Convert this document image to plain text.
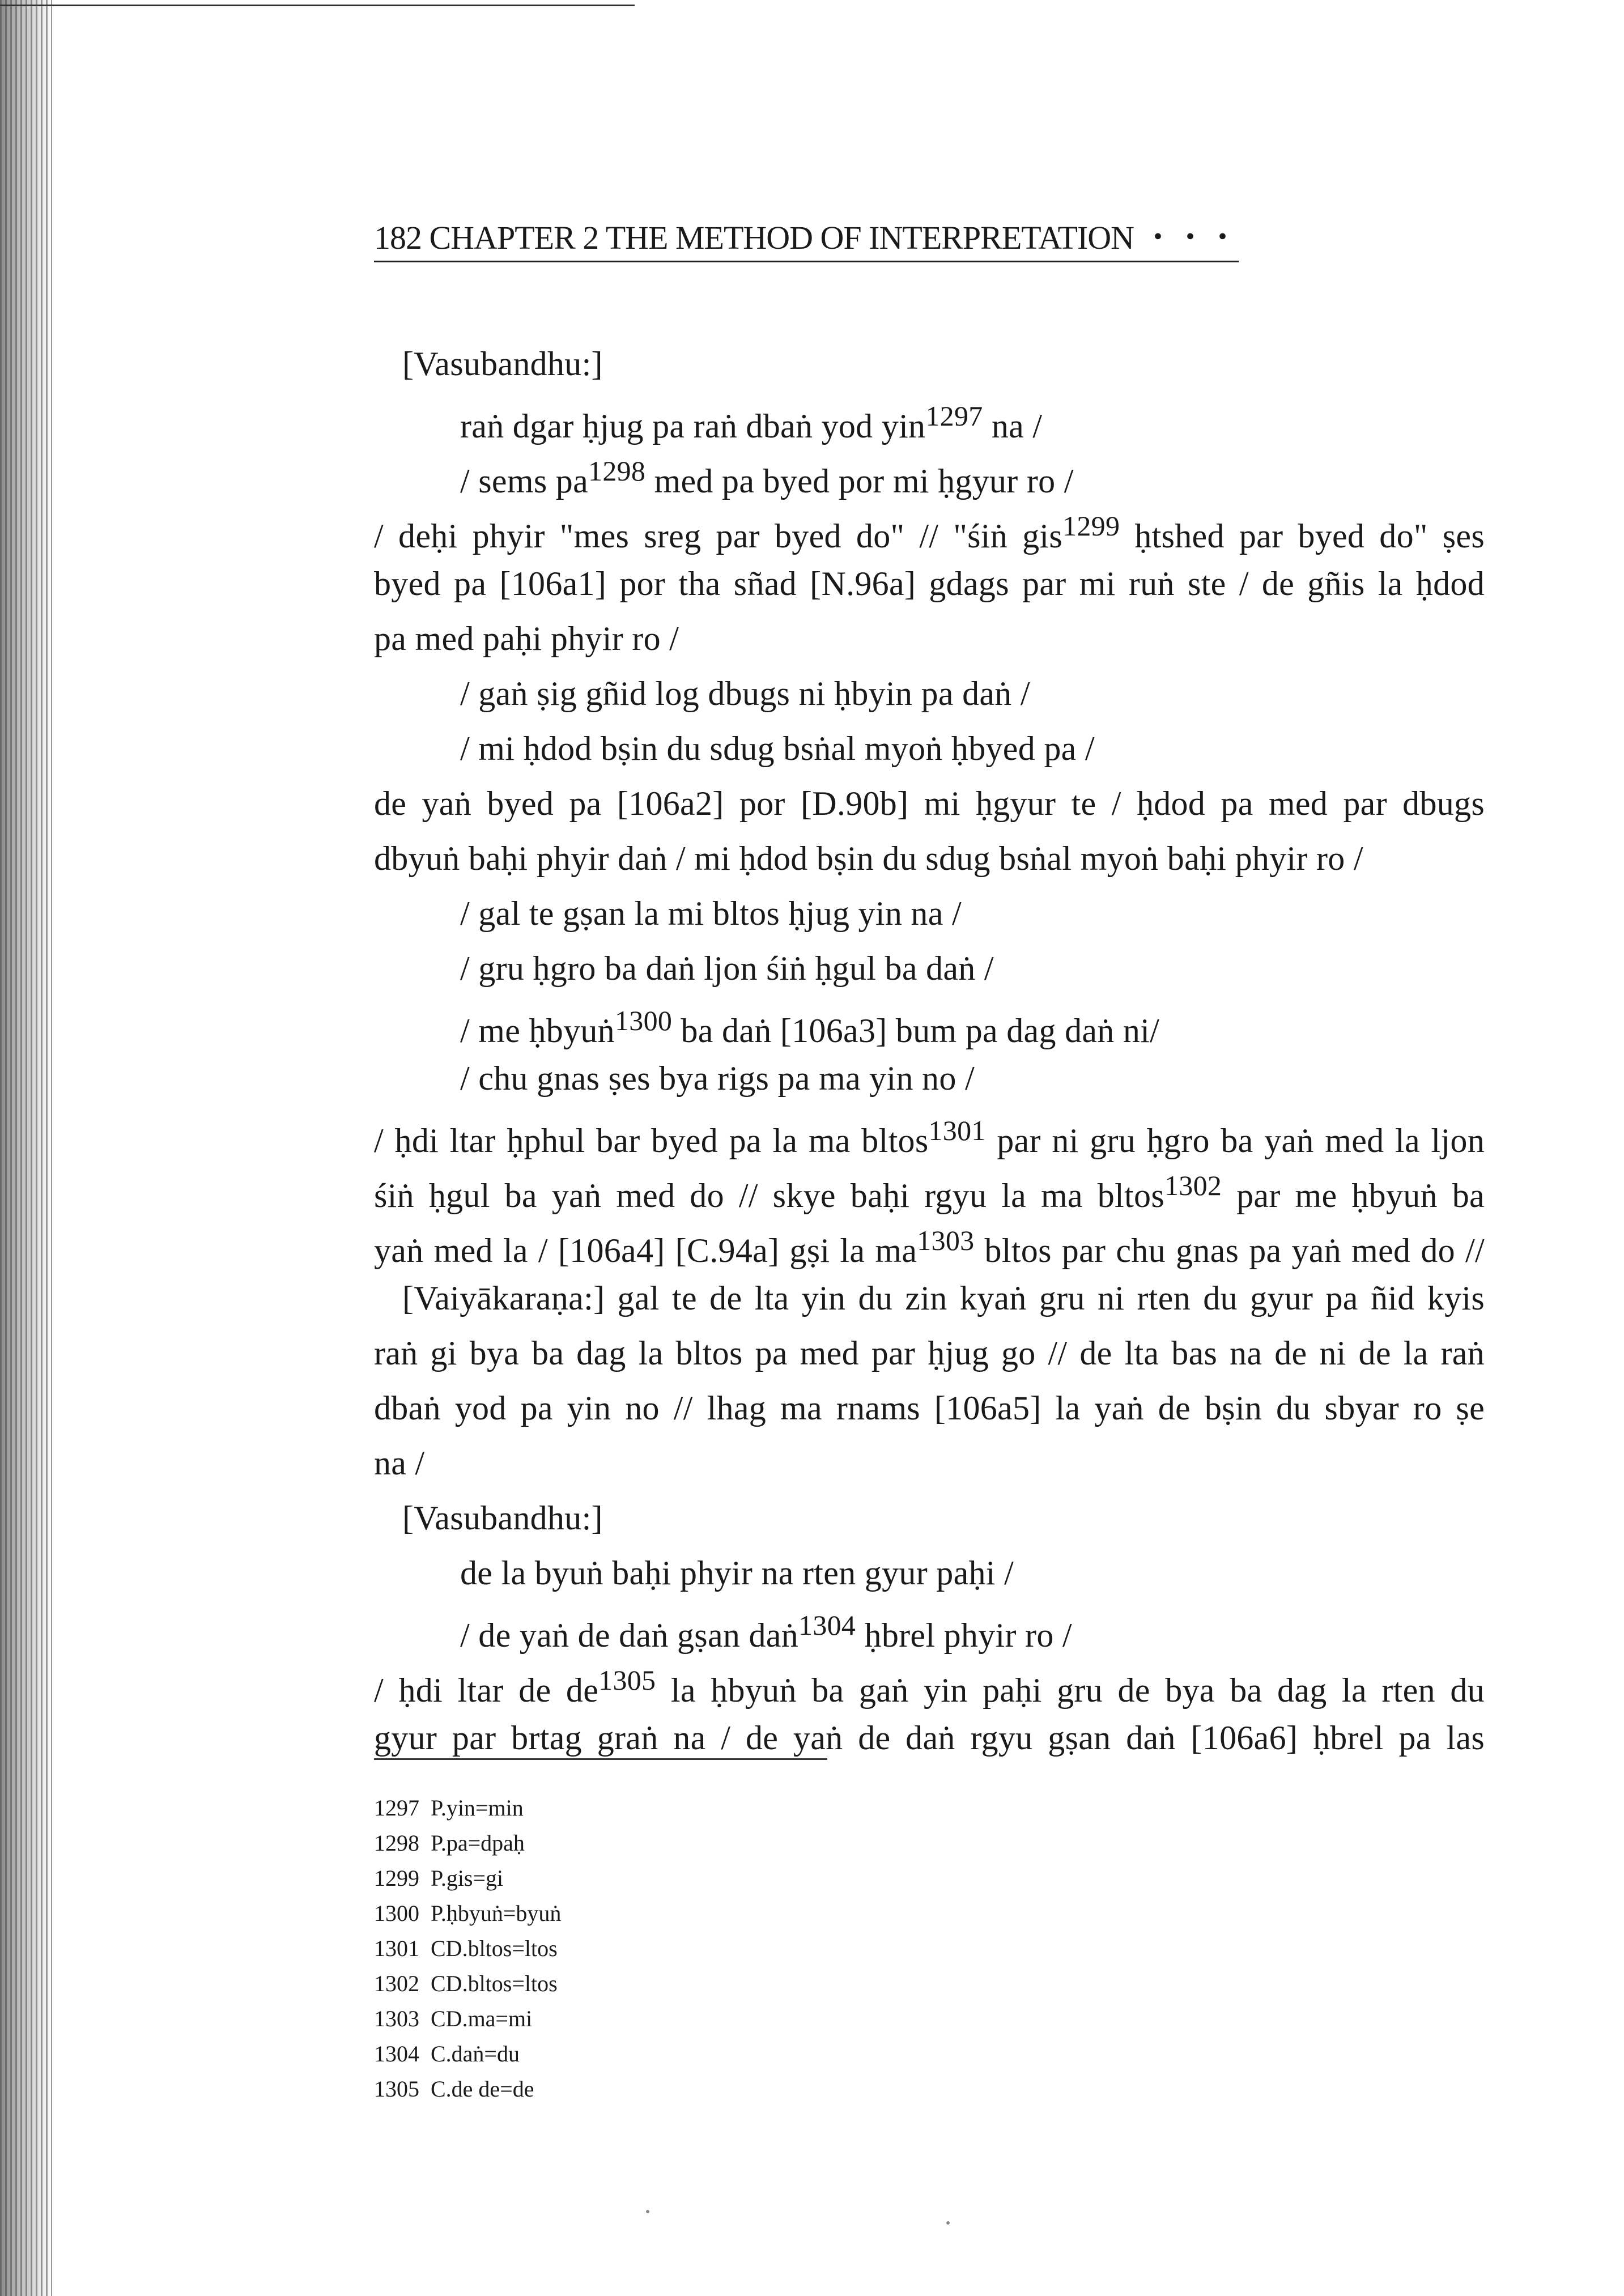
182 CHAPTER 2 THE METHOD OF INTERPRETATION ・・・
[Vasubandhu:]
raṅ dgar ḥjug pa raṅ dbaṅ yod yin$^{1297}$ na /
/ sems $pa^{1298}$ med pa byed por mi ḥgyur ro /
/ deḥi phyir "mes sreg par byed do" // "śiṅ gis$^{1299}$ ḥtshed par byed do" ṣes
byed pa [106a1] por tha sñad [N.96a] gdags par mi ruṅ ste / de gñis la ḥdod
pa med paḥi phyir ro /
/ gaṅ ṣig gñid log dbugs ni ḥbyin pa daṅ /
/ mi ḥdod bṣin du sdug bsṅal myoṅ ḥbyed pa /
de yaṅ byed pa [106a2] por [D.90b] mi ḥgyur te / ḥdod pa med par dbugs
dbyuṅ baḥi phyir daṅ / mi ḥdod bṣin du sdug bsṅal myoṅ baḥi phyir ro /
/ gal te gṣan la mi bltos ḥjug yin na /
/ gru ḥgro ba daṅ ljon śiṅ ḥgul ba daṅ /
/ me ḥbyuṅ$^{1300}$ ba daṅ [106a3] bum pa dag daṅ ni/
/ chu gnas ṣes bya rigs pa ma yin no /
/ ḥdi ltar ḥphul bar byed pa la ma bltos$^{1301}$ par ni gru ḥgro ba yaṅ med la ljon
śiṅ ḥgul ba yaṅ med do // skye baḥi rgyu la ma bltos$^{1302}$ par me ḥbyuṅ ba
yaṅ med la / [106a4] [C.94a] gṣi la $ma^{1303}$ bltos par chu gnas pa yaṅ med do //
[Vaiyākaraṇa:] gal te de lta yin du zin kyaṅ gru ni rten du gyur pa ñid kyis
raṅ gi bya ba dag la bltos pa med par ḥjug go // de lta bas na de ni de la raṅ
dbaṅ yod pa yin no // lhag ma rnams [106a5] la yaṅ de bṣin du sbyar ro ṣe
na /
[Vasubandhu:]
de la byuṅ baḥi phyir na rten gyur paḥi /
/ de yaṅ de daṅ gṣan daṅ$^{1304}$ ḥbrel phyir ro /
/ ḥdi ltar de $de^{1305}$ la ḥbyuṅ ba gaṅ yin paḥi gru de bya ba dag la rten du
gyur par brtag graṅ na / de yaṅ de daṅ rgyu gṣan daṅ [106a6] ḥbrel pa las
1297  P.yin=min
1298  P.pa=dpaḥ
1299  P.gis=gi
1300  P.ḥbyuṅ=byuṅ
1301  CD.bltos=ltos
1302  CD.bltos=ltos
1303  CD.ma=mi
1304  C.daṅ=du
1305  C.de de=de
